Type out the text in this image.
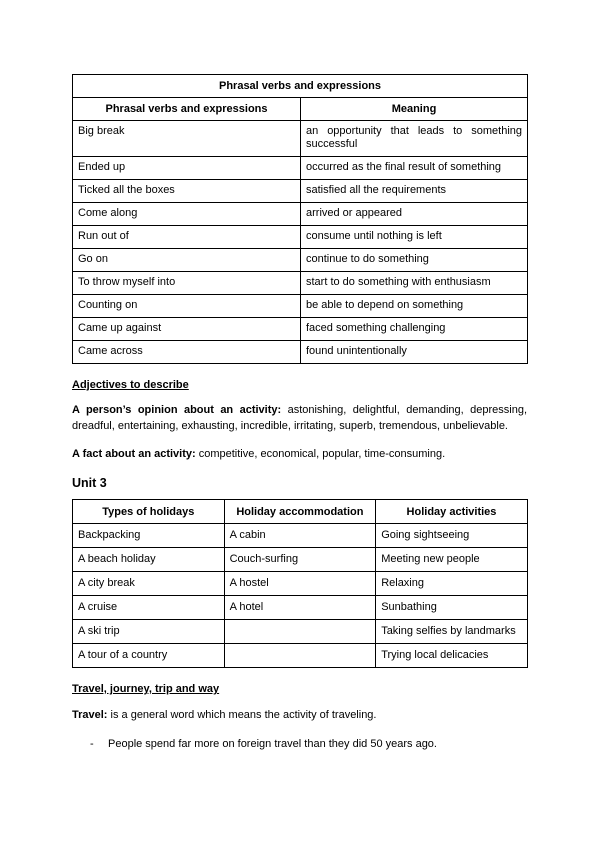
Phrasal verbs and expressions	
Phrasal verbs and expressions	Meaning
Big break	an opportunity that leads to something successful
Ended up	occurred as the final result of something
Ticked all the boxes	satisfied all the requirements
Come along	arrived or appeared
Run out of	consume until nothing is left
Go on	continue to do something
To throw myself into	start to do something with enthusiasm
Counting on	be able to depend on something
Came up against	faced something challenging
Came across	found unintentionally

Adjectives to describe

A person’s opinion about an activity: astonishing, delightful, demanding, depressing, dreadful, entertaining, exhausting, incredible, irritating, superb, tremendous, unbelievable.

A fact about an activity: competitive, economical, popular, time-consuming.

Unit 3

Types of holidays	Holiday accommodation	Holiday activities
Backpacking	A cabin	Going sightseeing
A beach holiday	Couch-surfing	Meeting new people
A city break	A hostel	Relaxing
A cruise	A hotel	Sunbathing
A ski trip		Taking selfies by landmarks
A tour of a country		Trying local delicacies

Travel, journey, trip and way

Travel: is a general word which means the activity of traveling.

-	People spend far more on foreign travel than they did 50 years ago.
